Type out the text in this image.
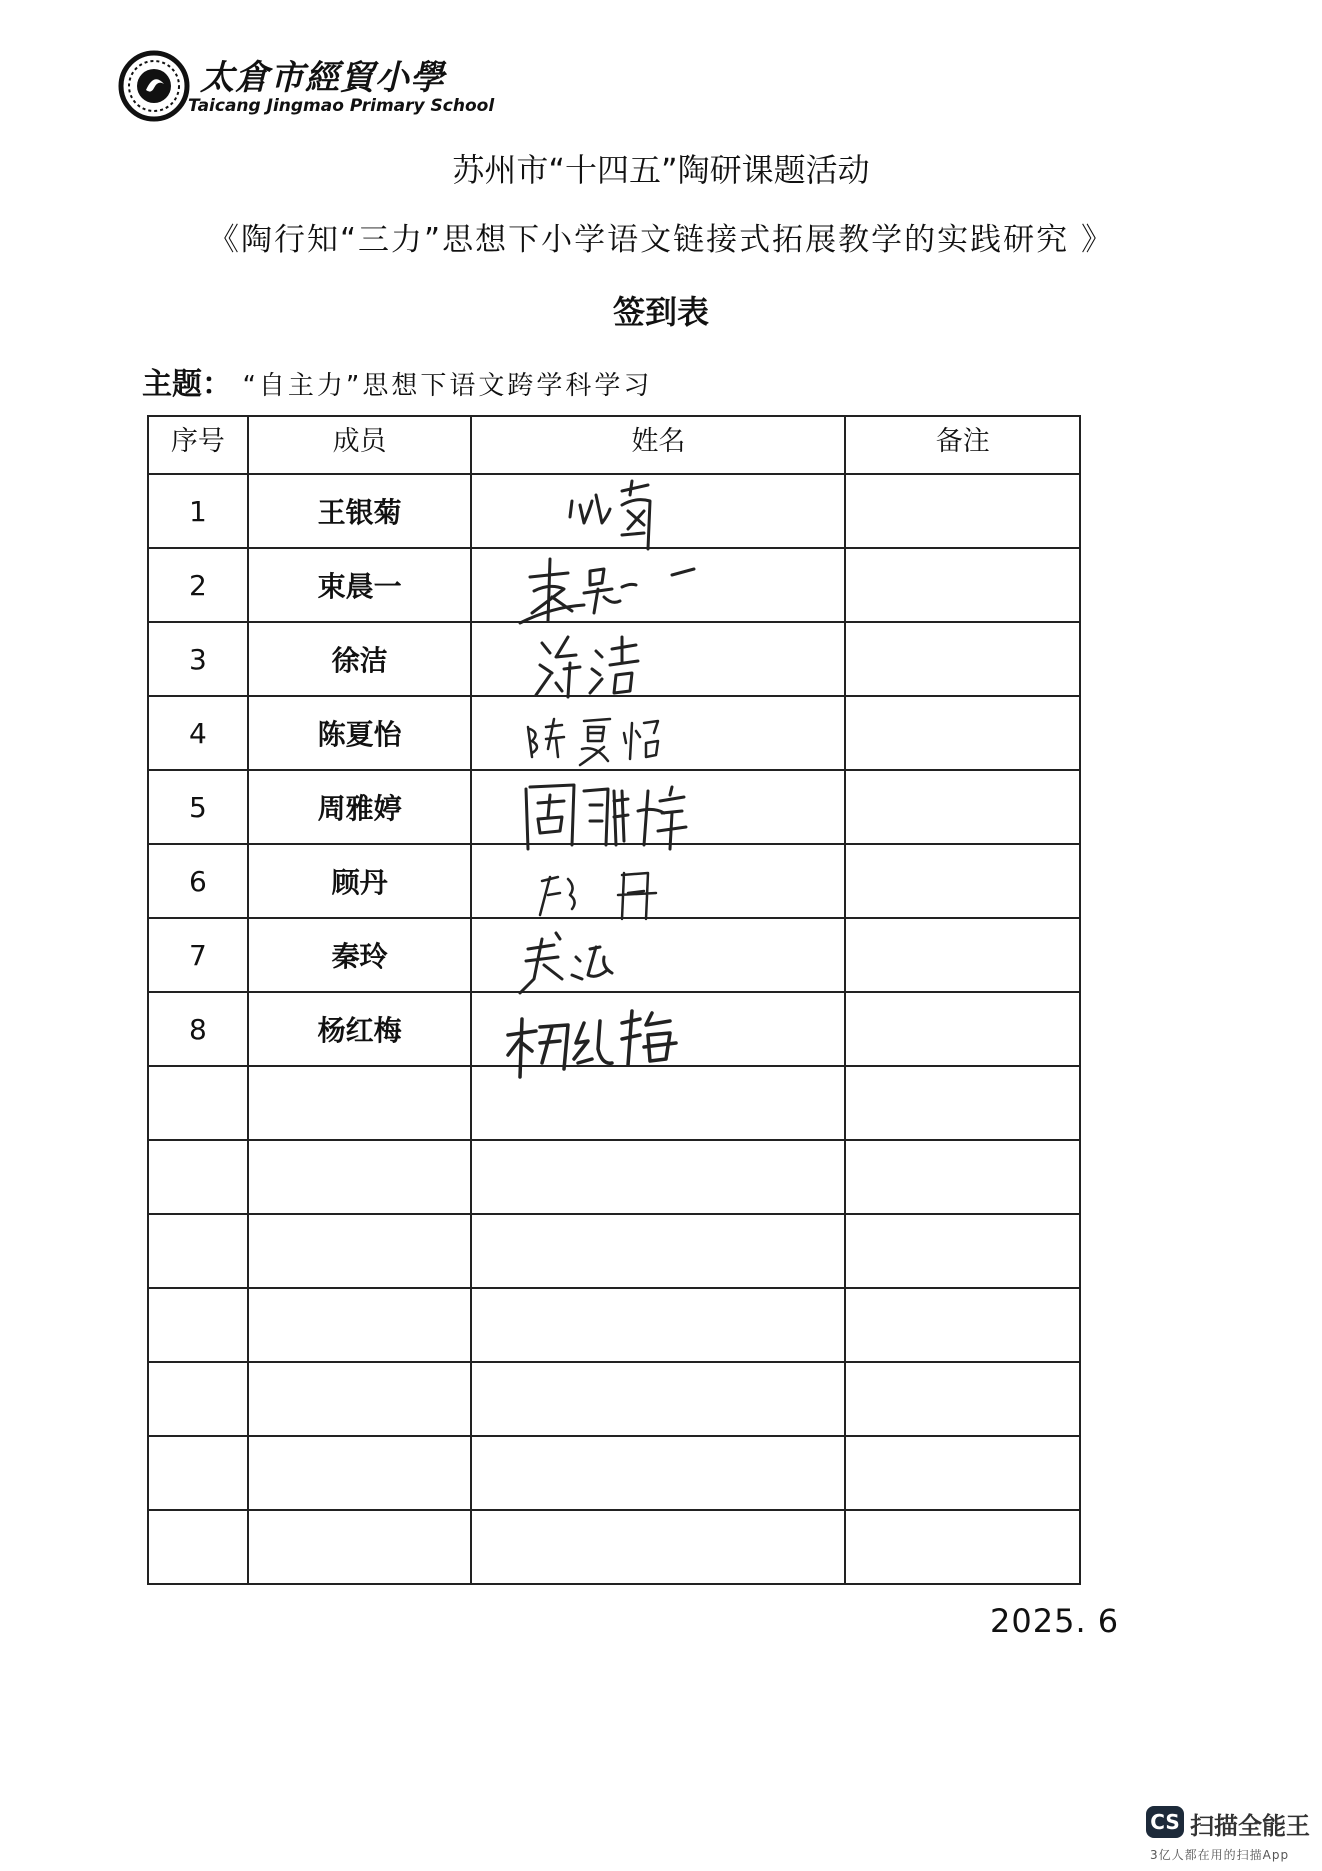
太倉市經貿小學
Taicang Jingmao Primary School
苏州市“十四五”陶研课题活动
《陶行知“三力”思想下小学语文链接式拓展教学的实践研究 》
签到表
主题： “自主力”思想下语文跨学科学习
序号	成员	姓名	备注
1	王银菊	

2	束晨一	

3	徐洁	

4	陈夏怡	

5	周雅婷	

6	顾丹	

7	秦玲	

8	杨红梅	

2025. 6
CS 扫描全能王
3亿人都在用的扫描App
